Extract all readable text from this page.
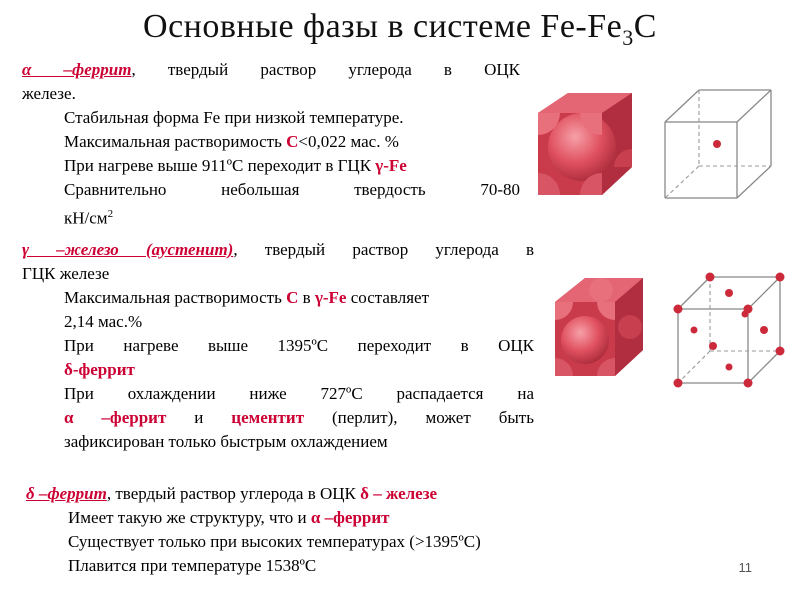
Основные фазы в системе $Fe-Fe_3C$
α –феррит, твердый раствор углерода в ОЦК
железе.
Стабильная форма Fe при низкой температуре.
Максимальная растворимость C<0,022 мас. %
При нагреве выше 911ºC переходит в ГЦК γ-Fe
Сравнительно небольшая твердость 70-80
$кН/см^2$
γ –железо (аустенит), твердый раствор углерода в
ГЦК железе
Максимальная растворимость C в γ-Fe составляет
2,14 мас.%
При нагреве выше 1395ºC переходит в ОЦК
δ-феррит
При охлаждении ниже 727ºC распадается на
α –феррит и цементит (перлит), может быть
зафиксирован только быстрым охлаждением
δ –феррит, твердый раствор углерода в ОЦК δ – железе
Имеет такую же структуру, что и α –феррит
Существует только при высоких температурах (>1395ºC)
Плавится при температуре 1538ºC	11
